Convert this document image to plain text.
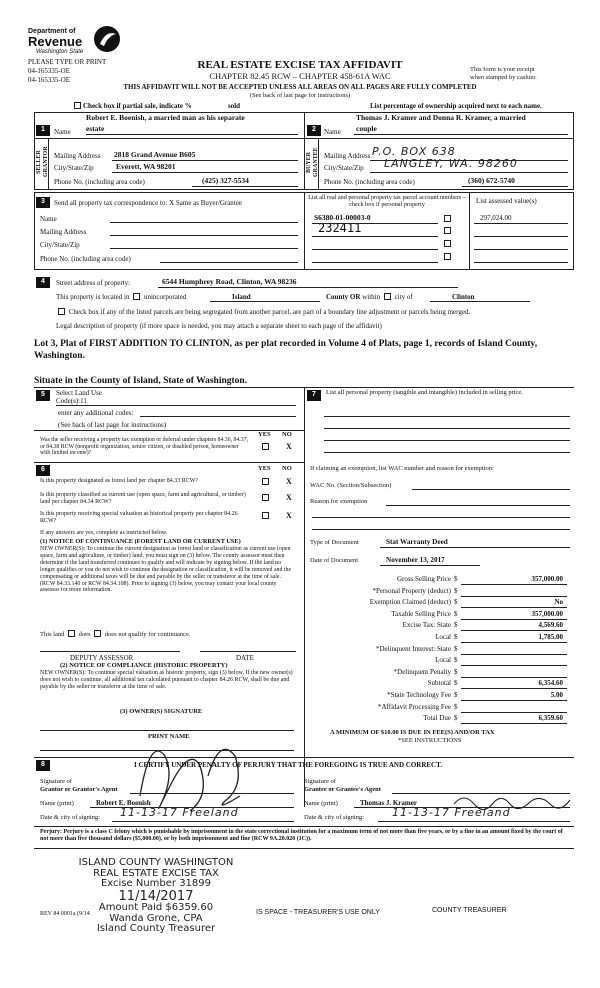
Department of
Revenue
Washington State
PLEASE TYPE OR PRINT
04-165335-OE
04-165335-OE
REAL ESTATE EXCISE TAX AFFIDAVIT
CHAPTER 82.45 RCW – CHAPTER 458-61A WAC
THIS AFFIDAVIT WILL NOT BE ACCEPTED UNLESS ALL AREAS ON ALL PAGES ARE FULLY COMPLETED
(See back of last page for instructions)
This form is your receipt
when stamped by cashier.
Check box if partial sale, indicate %	sold	List percentage of ownership acquired next to each name.
SELLER GRANTOR
1	Name
Robert E. Boenish, a married man as his separate
estate
Mailing Address 2818 Grand Avenue B605
City/State/Zip	Everett, WA 98201
Phone No. (including area code)	(425) 327-5534
BUYER GRANTEE
2	Name
Thomas J. Kramer and Donna R. Kramer, a married
couple
Mailing Address P.O. BOX 638
City/State/Zip LANGLEY, WA. 98260
Phone No. (including area code)	(360) 672-5740
3	Send all property tax correspondence to: X Same as Buyer/Grantee
Name
Mailing Address
City/State/Zip
Phone No. (including area code)
List all real and personal property tax parcel account numbers – check box if personal property	List assessed value(s)
S6380-01-00003-0
232411
297,024.00
4	Street address of property:	6544 Humphrey Road, Clinton, WA 98236
This property is located in unincorporated	Island	County OR within city of	Clinton
Check box if any of the listed parcels are being segregated from another parcel, are part of a boundary line adjustment or parcels being merged.
Legal description of property (if more space is needed, you may attach a separate sheet to each page of the affidavit)
Lot 3, Plat of FIRST ADDITION TO CLINTON, as per plat recorded in Volume 4 of Plats, page 1, records of Island County, Washington.
Situate in the County of Island, State of Washington.
5	Select Land Use
Code(s):11
enter any additional codes:
(See back of last page for instructions)
YES NO
Was the seller receiving a property tax exemption or deferral under chapters 84.36, 84.37, or 84.38 RCW (nonprofit organization, senior citizen, or disabled person, homeowner with limited income)?
X
6	YES NO
Is this property designated as forest land per chapter 84.33 RCW?	X
Is this property classified as current use (open space, farm and agricultural, or timber) land per chapter 84.34 RCW?	X
Is this property receiving special valuation as historical property per chapter 84.26 RCW?
X
If any answers are yes, complete as instructed below.
(1) NOTICE OF CONTINUANCE (FOREST LAND OR CURRENT USE)
NEW OWNER(S): To continue the current designation as forest land or classification as current use (open space, farm and agriculture, or timber) land, you must sign on (3) below. The county assessor must then determine if the land transferred continues to qualify and will indicate by signing below. If the land no longer qualifies or you do not wish to continue the designation or classification, it will be removed and the compensating or additional taxes will be due and payable by the seller or transferor at the time of sale. (RCW 84.33.140 or RCW 84.34.108). Prior to signing (3) below, you may contact your local county assessor for more information.
This land does does not qualify for continuance.
DEPUTY ASSESSOR	DATE
(2) NOTICE OF COMPLIANCE (HISTORIC PROPERTY)
NEW OWNER(S): To continue special valuation as historic property, sign (3) below. If the new owner(s) does not wish to continue, all additional tax calculated pursuant to chapter 84.26 RCW, shall be due and payable by the seller or transferor at the time of sale.
(3) OWNER(S) SIGNATURE
PRINT NAME
7	List all personal property (tangible and intangible) included in selling price.
If claiming an exemption, list WAC number and reason for exemption:
WAC No. (Section/Subsection)
Reason for exemption
Type of Document	Stat Warranty Deed
Date of Document	November 13, 2017
Gross Selling Price $	357,000.00
*Personal Property (deduct) $
Exemption Claimed (deduct) $	No
Taxable Selling Price $	357,000.00
Excise Tax: State $	4,569.60
Local $	1,785.00
*Delinquent Interest: State $
Local $
*Delinquent Penalty $
Subtotal $	6,354.60
*State Technology Fee $	5.00
*Affidavit Processing Fee $
Total Due $	6,359.60
A MINIMUM OF $10.00 IS DUE IN FEE(S) AND/OR TAX
*SEE INSTRUCTIONS
8	I CERTIFY UNDER PENALTY OF PERJURY THAT THE FOREGOING IS TRUE AND CORRECT.
Signature of
Grantor or Grantor's Agent
Name (print)	Robert E. Boenish
Date & city of signing: 11-13-17 Freeland
Signature of
Grantee or Grantee's Agent
Name (print)	Thomas J. Kramer
Date & city of signing:	11-13-17 Freeland
Perjury: Perjury is a class C felony which is punishable by imprisonment in the state correctional institution for a maximum term of not more than five years, or by a fine in an amount fixed by the court of not more than five thousand dollars ($5,000.00), or by both imprisonment and fine (RCW 9A.20.020 (1C)).
ISLAND COUNTY WASHINGTON
REAL ESTATE EXCISE TAX
Excise Number 31899
11/14/2017
Amount Paid $6359.60
Wanda Grone, CPA
Island County Treasurer
REV 84 0001a (9/14	IS SPACE - TREASURER'S USE ONLY	COUNTY TREASURER
